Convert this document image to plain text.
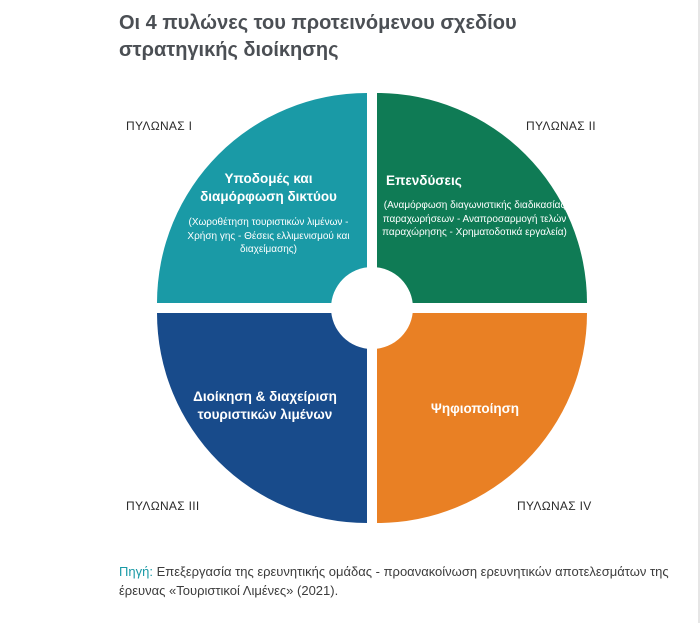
Οι 4 πυλώνες του προτεινόμενου σχεδίου στρατηγικής διοίκησης
ΠΥΛΩΝΑΣ Ι	ΠΥΛΩΝΑΣ ΙΙ
ΠΥΛΩΝΑΣ ΙΙΙ	ΠΥΛΩΝΑΣ ΙV
Υποδομές και διαμόρφωση δικτύου
(Χωροθέτηση τουριστικών λιμένων - Χρήση γης - Θέσεις ελλιμενισμού και διαχείμασης)
Επενδύσεις
(Αναμόρφωση διαγωνιστικής διαδικασίας παραχωρήσεων - Αναπροσαρμογή τελών παραχώρησης - Χρηματοδοτικά εργαλεία)
Διοίκηση & διαχείριση τουριστικών λιμένων	Ψηφιοποίηση
Πηγή: Επεξεργασία της ερευνητικής ομάδας - προανακοίνωση ερευνητικών αποτελεσμάτων της έρευνας «Τουριστικοί Λιμένες» (2021).
